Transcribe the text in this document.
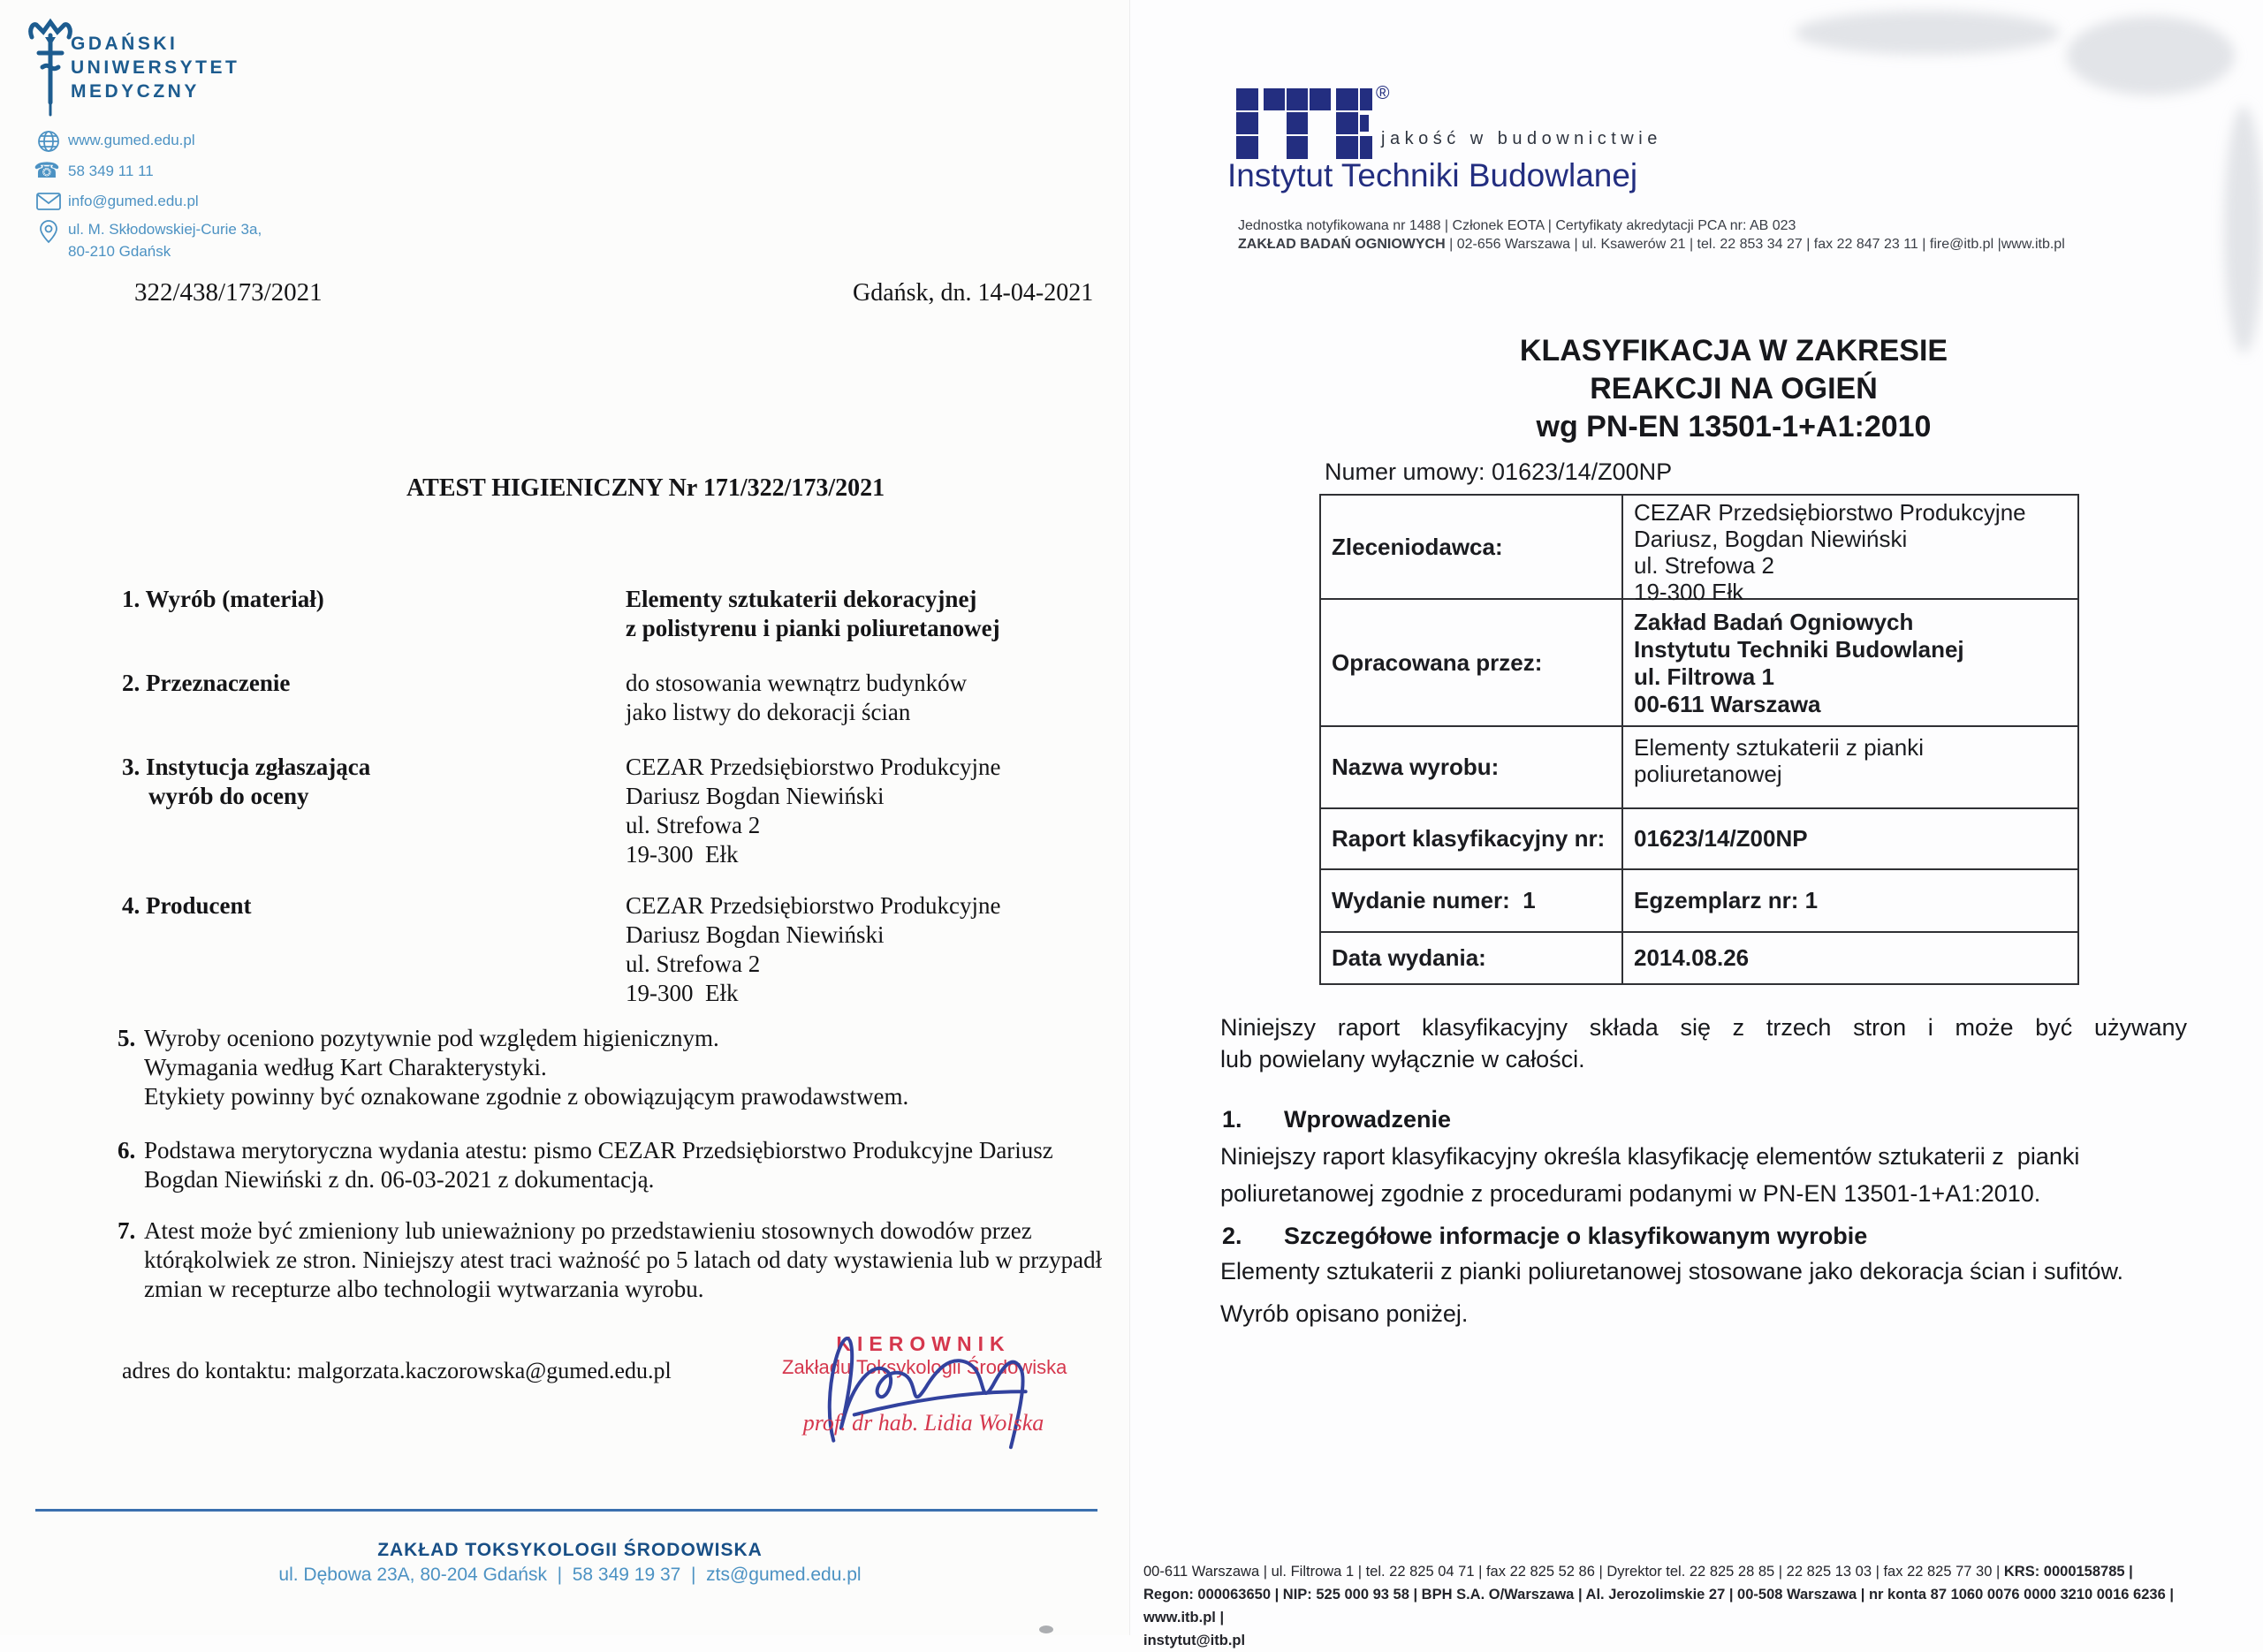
GDAŃSKI
UNIWERSYTET
MEDYCZNY
www.gumed.edu.pl
☎ 58 349 11 11
info@gumed.edu.pl
ul. M. Skłodowskiej-Curie 3a,
80-210 Gdańsk
322/438/173/2021	Gdańsk, dn. 14-04-2021
ATEST HIGIENICZNY Nr 171/322/173/2021
1. Wyrób (materiał)	Elementy sztukaterii dekoracyjnej
z polistyrenu i pianki poliuretanowej
2. Przeznaczenie	do stosowania wewnątrz budynków
jako listwy do dekoracji ścian
3. Instytucja zgłaszająca
wyrób do oceny
CEZAR Przedsiębiorstwo Produkcyjne
Dariusz Bogdan Niewiński
ul. Strefowa 2
19-300  Ełk
4. Producent	CEZAR Przedsiębiorstwo Produkcyjne
Dariusz Bogdan Niewiński
ul. Strefowa 2
19-300  Ełk
5. Wyroby oceniono pozytywnie pod względem higienicznym.
Wymagania według Kart Charakterystyki.
Etykiety powinny być oznakowane zgodnie z obowiązującym prawodawstwem.
6. Podstawa merytoryczna wydania atestu: pismo CEZAR Przedsiębiorstwo Produkcyjne Dariusz
Bogdan Niewiński z dn. 06-03-2021 z dokumentacją.
7. Atest może być zmieniony lub unieważniony po przedstawieniu stosownych dowodów przez
którąkolwiek ze stron. Niniejszy atest traci ważność po 5 latach od daty wystawienia lub w przypadł
zmian w recepturze albo technologii wytwarzania wyrobu.
adres do kontaktu: malgorzata.kaczorowska@gumed.edu.pl
KIEROWNIK
Zakładu Toksykologii Środowiska
prof. dr hab. Lidia Wolska
ZAKŁAD TOKSYKOLOGII ŚRODOWISKA
ul. Dębowa 23A, 80-204 Gdańsk  |  58 349 19 37  |  zts@gumed.edu.pl
®
jakość w budownictwie
Instytut Techniki Budowlanej
Jednostka notyfikowana nr 1488 | Członek EOTA | Certyfikaty akredytacji PCA nr: AB 023
ZAKŁAD BADAŃ OGNIOWYCH | 02-656 Warszawa | ul. Ksawerów 21 | tel. 22 853 34 27 | fax 22 847 23 11 | fire@itb.pl |www.itb.pl
KLASYFIKACJA W ZAKRESIE
REAKCJI NA OGIEŃ
wg PN-EN 13501-1+A1:2010
Numer umowy: 01623/14/Z00NP
Zleceniodawca:
CEZAR Przedsiębiorstwo Produkcyjne
Dariusz, Bogdan Niewiński
ul. Strefowa 2
19-300 Ełk
Opracowana przez:
Zakład Badań Ogniowych
Instytutu Techniki Budowlanej
ul. Filtrowa 1
00-611 Warszawa
Nazwa wyrobu:
Elementy sztukaterii z pianki
poliuretanowej
Raport klasyfikacyjny nr:	01623/14/Z00NP
Wydanie numer:  1	Egzemplarz nr: 1
Data wydania:	2014.08.26
Niniejszy raport klasyfikacyjny składa się z trzech stron i może być używany
lub powielany wyłącznie w całości.
1. Wprowadzenie
Niniejszy raport klasyfikacyjny określa klasyfikację elementów sztukaterii z  pianki
poliuretanowej zgodnie z procedurami podanymi w PN-EN 13501-1+A1:2010.
2. Szczegółowe informacje o klasyfikowanym wyrobie
Elementy sztukaterii z pianki poliuretanowej stosowane jako dekoracja ścian i sufitów.
Wyrób opisano poniżej.
00-611 Warszawa | ul. Filtrowa 1 | tel. 22 825 04 71 | fax 22 825 52 86 | Dyrektor tel. 22 825 28 85 | 22 825 13 03 | fax 22 825 77 30 | KRS: 0000158785 |
Regon: 000063650 | NIP: 525 000 93 58 | BPH S.A. O/Warszawa | Al. Jerozolimskie 27 | 00-508 Warszawa | nr konta 87 1060 0076 0000 3210 0016 6236 | www.itb.pl |
instytut@itb.pl
